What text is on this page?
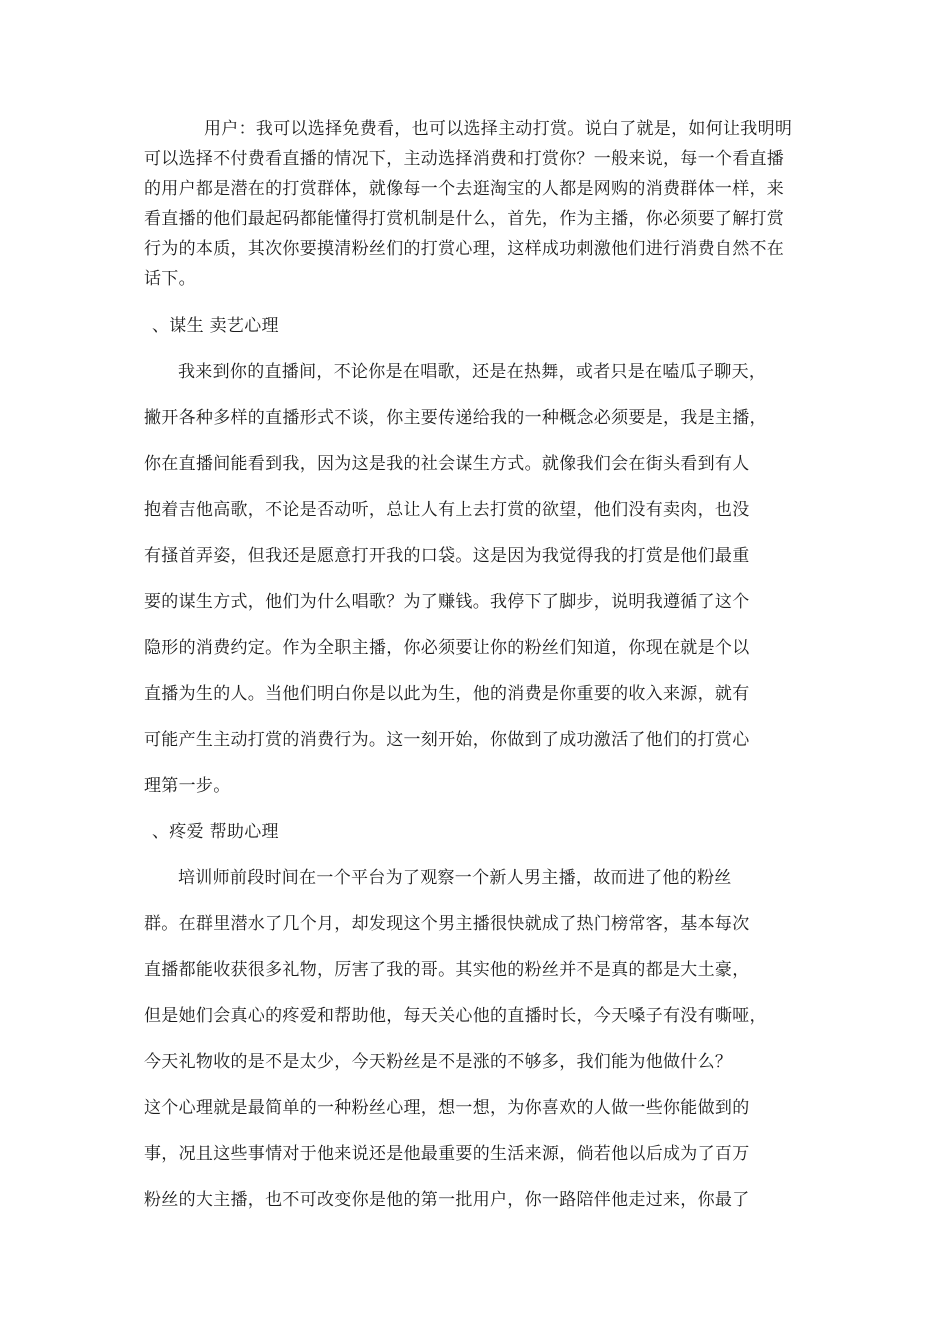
用户：我可以选择免费看，也可以选择主动打赏。说白了就是，如何让我明明
可以选择不付费看直播的情况下，主动选择消费和打赏你？一般来说，每一个看直播
的用户都是潜在的打赏群体，就像每一个去逛淘宝的人都是网购的消费群体一样，来
看直播的他们最起码都能懂得打赏机制是什么，首先，作为主播，你必须要了解打赏
行为的本质，其次你要摸清粉丝们的打赏心理，这样成功刺激他们进行消费自然不在
话下。
、谋生 卖艺心理
我来到你的直播间，不论你是在唱歌，还是在热舞，或者只是在嗑瓜子聊天，
撇开各种多样的直播形式不谈，你主要传递给我的一种概念必须要是，我是主播，
你在直播间能看到我，因为这是我的社会谋生方式。就像我们会在街头看到有人
抱着吉他高歌，不论是否动听，总让人有上去打赏的欲望，他们没有卖肉，也没
有搔首弄姿，但我还是愿意打开我的口袋。这是因为我觉得我的打赏是他们最重
要的谋生方式，他们为什么唱歌？为了赚钱。我停下了脚步，说明我遵循了这个
隐形的消费约定。作为全职主播，你必须要让你的粉丝们知道，你现在就是个以
直播为生的人。当他们明白你是以此为生，他的消费是你重要的收入来源，就有
可能产生主动打赏的消费行为。这一刻开始，你做到了成功激活了他们的打赏心
理第一步。
、疼爱 帮助心理
培训师前段时间在一个平台为了观察一个新人男主播，故而进了他的粉丝
群。在群里潜水了几个月，却发现这个男主播很快就成了热门榜常客，基本每次
直播都能收获很多礼物，厉害了我的哥。其实他的粉丝并不是真的都是大土豪，
但是她们会真心的疼爱和帮助他，每天关心他的直播时长，今天嗓子有没有嘶哑，
今天礼物收的是不是太少，今天粉丝是不是涨的不够多，我们能为他做什么？
这个心理就是最简单的一种粉丝心理，想一想，为你喜欢的人做一些你能做到的
事，况且这些事情对于他来说还是他最重要的生活来源，倘若他以后成为了百万
粉丝的大主播，也不可改变你是他的第一批用户，你一路陪伴他走过来，你最了
